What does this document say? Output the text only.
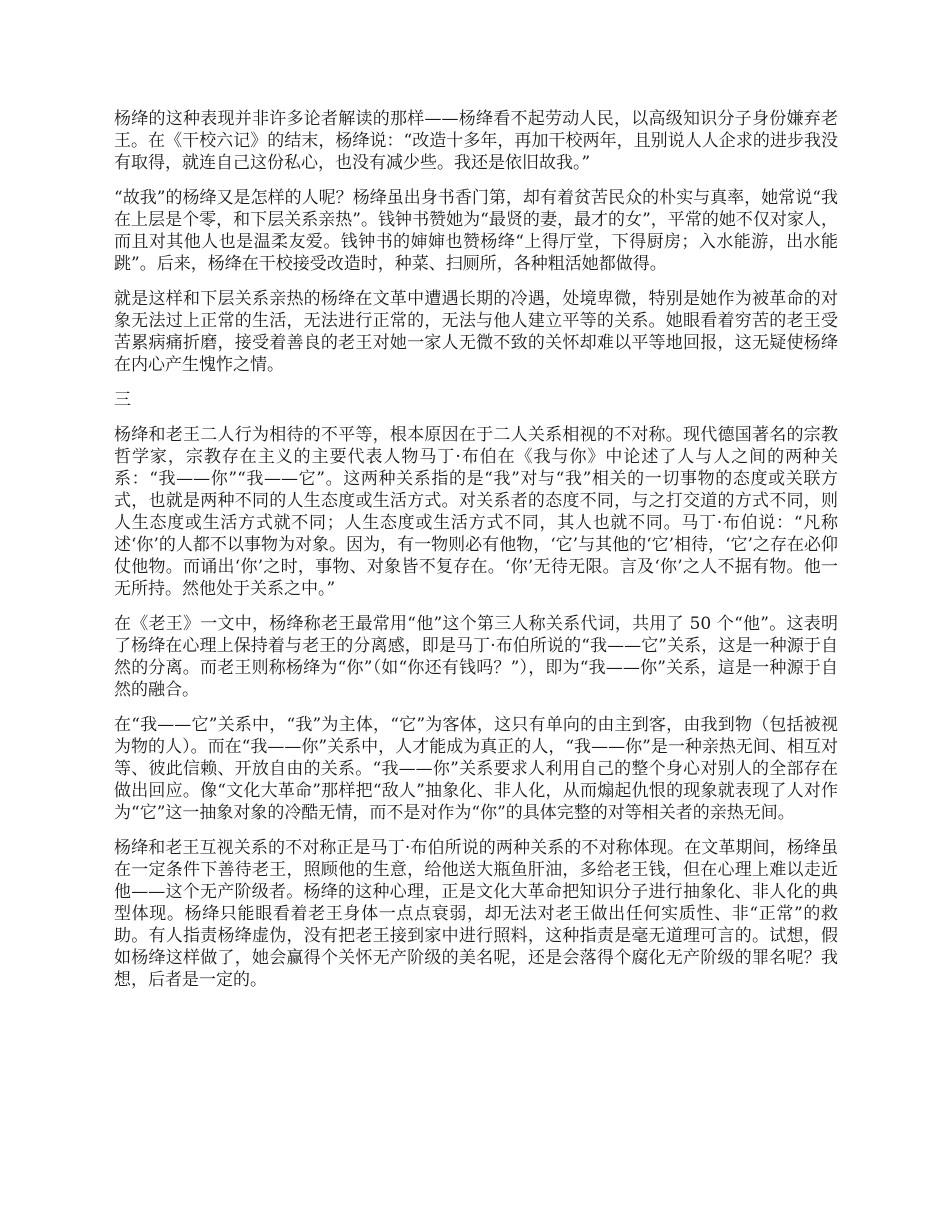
杨绛的这种表现并非许多论者解读的那样——杨绛看不起劳动人民，以高级知识分子身份嫌弃老王。在《干校六记》的结末，杨绛说：“改造十多年，再加干校两年，且别说人人企求的进步我没有取得，就连自己这份私心，也没有减少些。我还是依旧故我。”

“故我”的杨绛又是怎样的人呢？杨绛虽出身书香门第，却有着贫苦民众的朴实与真率，她常说“我在上层是个零，和下层关系亲热”。钱钟书赞她为“最贤的妻，最才的女”，平常的她不仅对家人，而且对其他人也是温柔友爱。钱钟书的婶婶也赞杨绛“上得厅堂，下得厨房；入水能游，出水能跳”。后来，杨绛在干校接受改造时，种菜、扫厕所，各种粗活她都做得。

就是这样和下层关系亲热的杨绛在文革中遭遇长期的冷遇，处境卑微，特别是她作为被革命的对象无法过上正常的生活，无法进行正常的，无法与他人建立平等的关系。她眼看着穷苦的老王受苦累病痛折磨，接受着善良的老王对她一家人无微不致的关怀却难以平等地回报，这无疑使杨绛在内心产生愧怍之情。

三

杨绛和老王二人行为相待的不平等，根本原因在于二人关系相视的不对称。现代德国著名的宗教哲学家，宗教存在主义的主要代表人物马丁·布伯在《我与你》中论述了人与人之间的两种关系：“我——你”“我——它”。这两种关系指的是“我”对与“我”相关的一切事物的态度或关联方式，也就是两种不同的人生态度或生活方式。对关系者的态度不同，与之打交道的方式不同，则人生态度或生活方式就不同；人生态度或生活方式不同，其人也就不同。马丁·布伯说：“凡称述‘你’的人都不以事物为对象。因为，有一物则必有他物，‘它’与其他的‘它’相待，‘它’之存在必仰仗他物。而诵出‘你’之时，事物、对象皆不复存在。‘你’无待无限。言及‘你’之人不据有物。他一无所持。然他处于关系之中。”

在《老王》一文中，杨绛称老王最常用“他”这个第三人称关系代词，共用了 50 个“他”。这表明了杨绛在心理上保持着与老王的分离感，即是马丁·布伯所说的“我——它”关系，这是一种源于自然的分离。而老王则称杨绛为“你”（如“你还有钱吗？”），即为“我——你”关系，這是一种源于自然的融合。

在“我——它”关系中，“我”为主体，“它”为客体，这只有单向的由主到客，由我到物（包括被视为物的人）。而在“我——你”关系中，人才能成为真正的人，“我——你”是一种亲热无间、相互对等、彼此信赖、开放自由的关系。“我——你”关系要求人利用自己的整个身心对别人的全部存在做出回应。像“文化大革命”那样把“敌人”抽象化、非人化，从而煽起仇恨的现象就表现了人对作为“它”这一抽象对象的冷酷无情，而不是对作为“你”的具体完整的对等相关者的亲热无间。

杨绛和老王互视关系的不对称正是马丁·布伯所说的两种关系的不对称体现。在文革期间，杨绛虽在一定条件下善待老王，照顾他的生意，给他送大瓶鱼肝油，多给老王钱，但在心理上难以走近他——这个无产阶级者。杨绛的这种心理，正是文化大革命把知识分子进行抽象化、非人化的典型体现。杨绛只能眼看着老王身体一点点衰弱，却无法对老王做出任何实质性、非“正常”的救助。有人指责杨绛虚伪，没有把老王接到家中进行照料，这种指责是毫无道理可言的。试想，假如杨绛这样做了，她会赢得个关怀无产阶级的美名呢，还是会落得个腐化无产阶级的罪名呢？我想，后者是一定的。
